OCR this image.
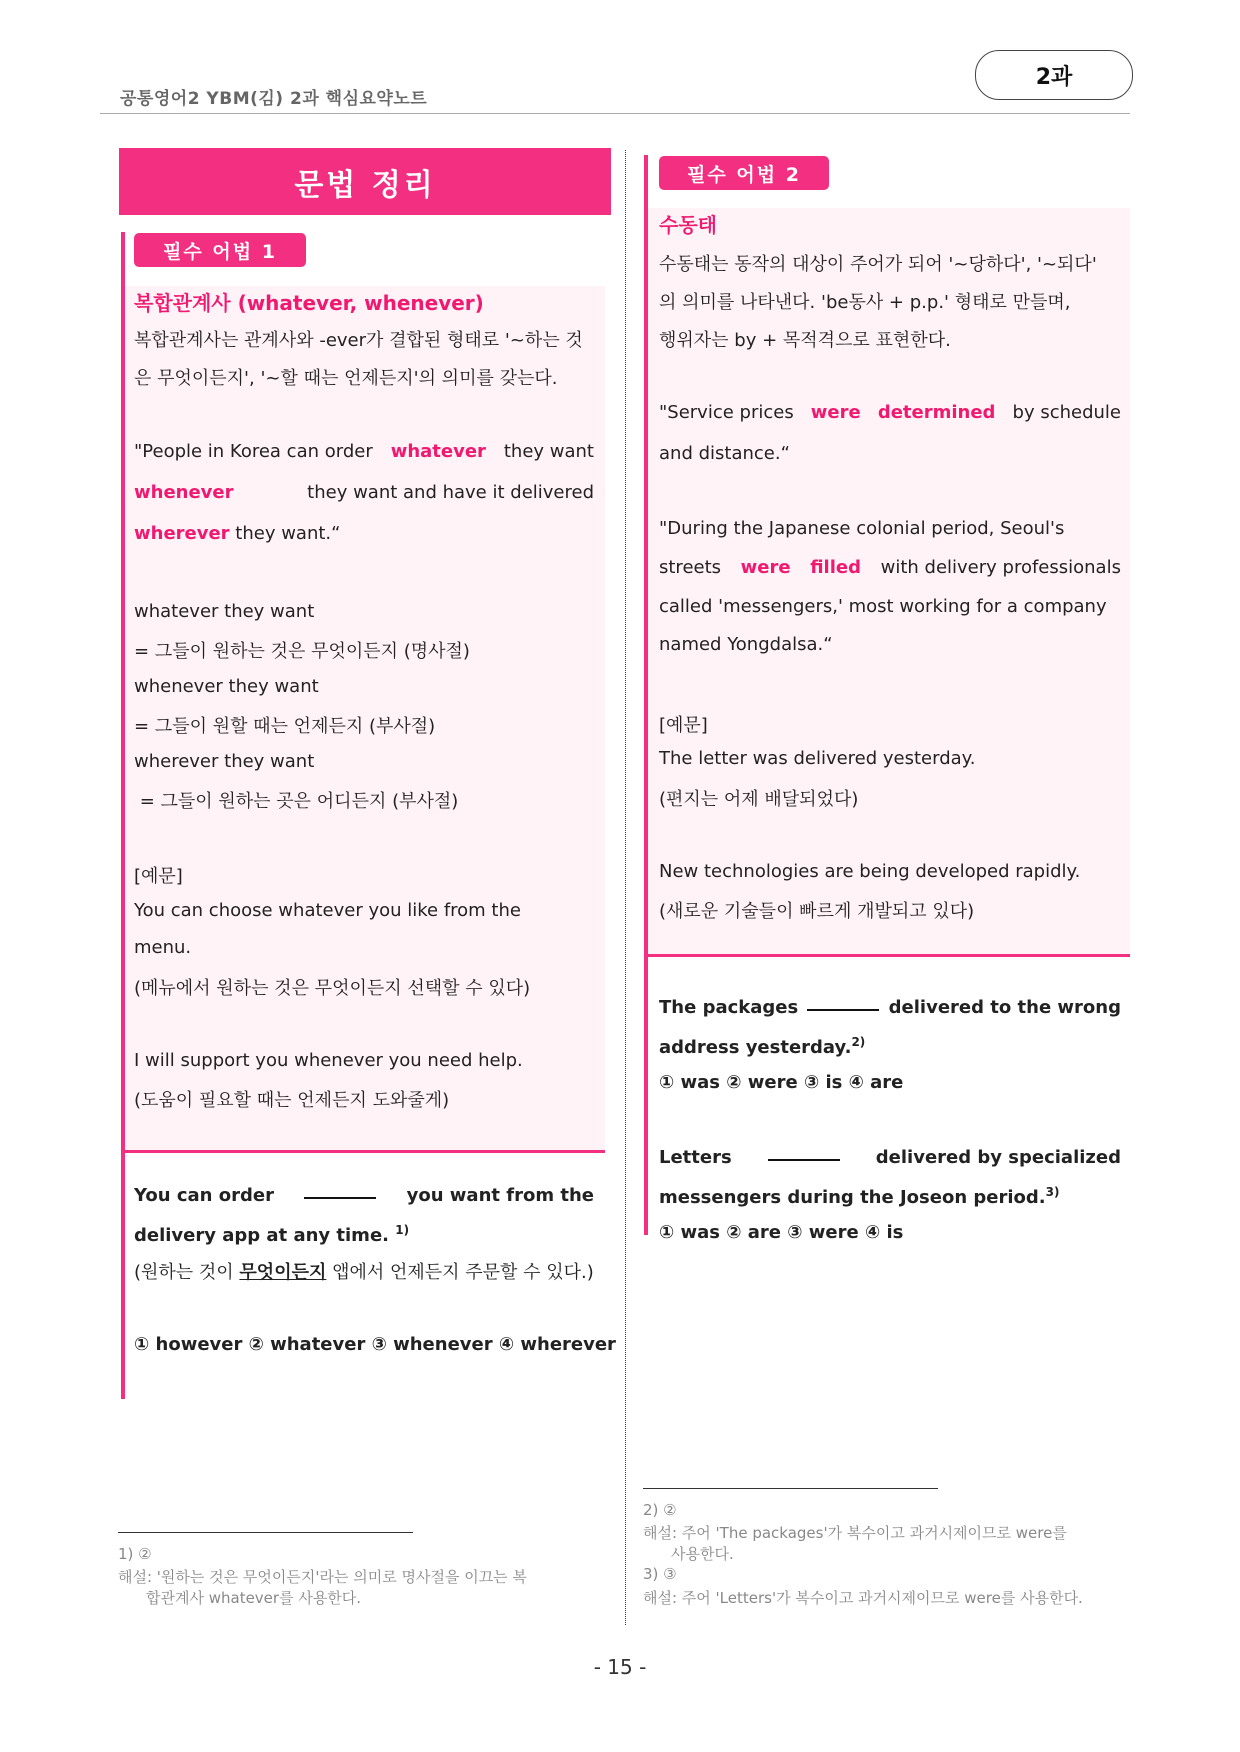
공통영어2 YBM(김) 2과 핵심요약노트
2과
문법 정리
필수 어법 1
복합관계사 (whatever, whenever)
복합관계사는 관계사와 -ever가 결합된 형태로 '~하는 것
은 무엇이든지', '~할 때는 언제든지'의 의미를 갖는다.
"People in Korea can order whatever they want
whenever	they want and have it delivered
wherever they want.“
whatever they want
= 그들이 원하는 것은 무엇이든지 (명사절)
whenever they want
= 그들이 원할 때는 언제든지 (부사절)
wherever they want
= 그들이 원하는 곳은 어디든지 (부사절)
[예문]
You can choose whatever you like from the
menu.
(메뉴에서 원하는 것은 무엇이든지 선택할 수 있다)
I will support you whenever you need help.
(도움이 필요할 때는 언제든지 도와줄게)
You can order	you want from the
delivery app at any time. $^{1)}$
(원하는 것이 무엇이든지 앱에서 언제든지 주문할 수 있다.)
① however ② whatever ③ whenever ④ wherever
필수 어법 2
수동태
수동태는 동작의 대상이 주어가 되어 '~당하다', '~되다'
의 의미를 나타낸다. 'be동사 + p.p.' 형태로 만들며,
행위자는 by + 목적격으로 표현한다.
"Service prices were determined by schedule
and distance.“
"During the Japanese colonial period, Seoul's
streets were filled with delivery professionals
called 'messengers,' most working for a company
named Yongdalsa.“
[예문]
The letter was delivered yesterday.
(편지는 어제 배달되었다)
New technologies are being developed rapidly.
(새로운 기술들이 빠르게 개발되고 있다)
The packages	delivered to the wrong
address yesterday.$^{2)}$
① was ② were ③ is ④ are
Letters	delivered by specialized
messengers during the Joseon period.$^{3)}$
① was ② are ③ were ④ is
1) ②
해설: '원하는 것은 무엇이든지'라는 의미로 명사절을 이끄는 복
합관계사 whatever를 사용한다.
2) ②
해설: 주어 'The packages'가 복수이고 과거시제이므로 were를
사용한다.
3) ③
해설: 주어 'Letters'가 복수이고 과거시제이므로 were를 사용한다.
- 15 -
